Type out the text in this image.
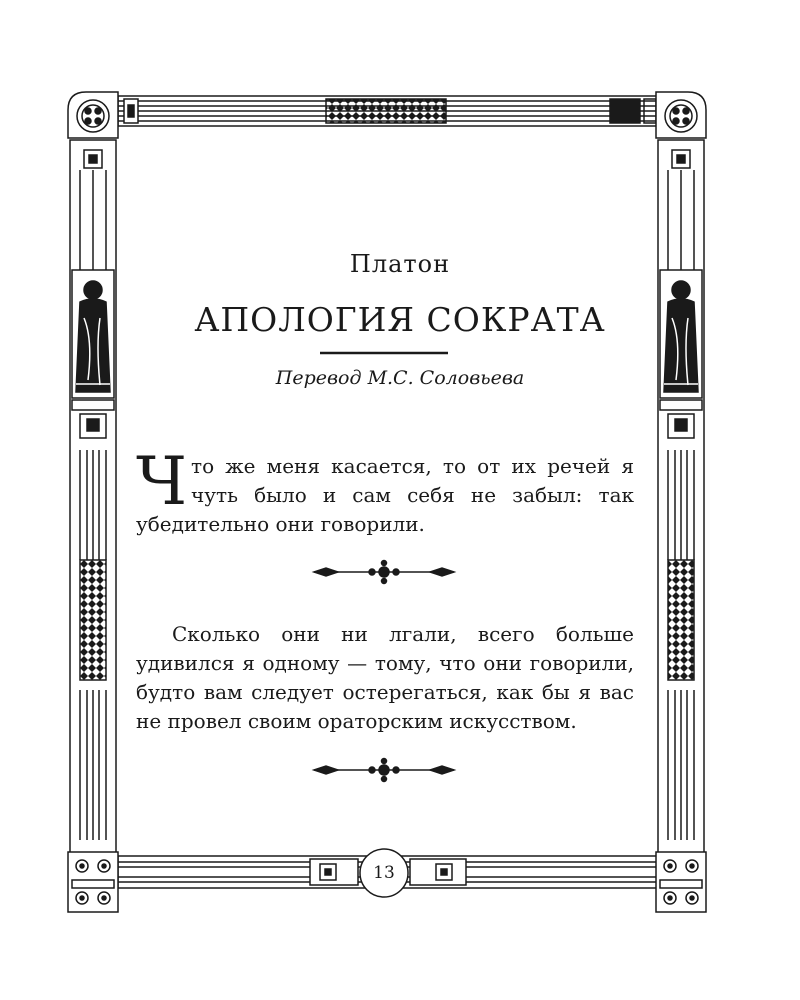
Платон
АПОЛОГИЯ СОКРАТА
Перевод М.С. Соловьева

Что же меня касается, то от их речей я чуть было и сам себя не забыл: так убедительно они говорили.

Сколько они ни лгали, всего больше удивился я одному — тому, что они говорили, будто вам следует остерегаться, как бы я вас не провел своим ораторским искусством.

13
